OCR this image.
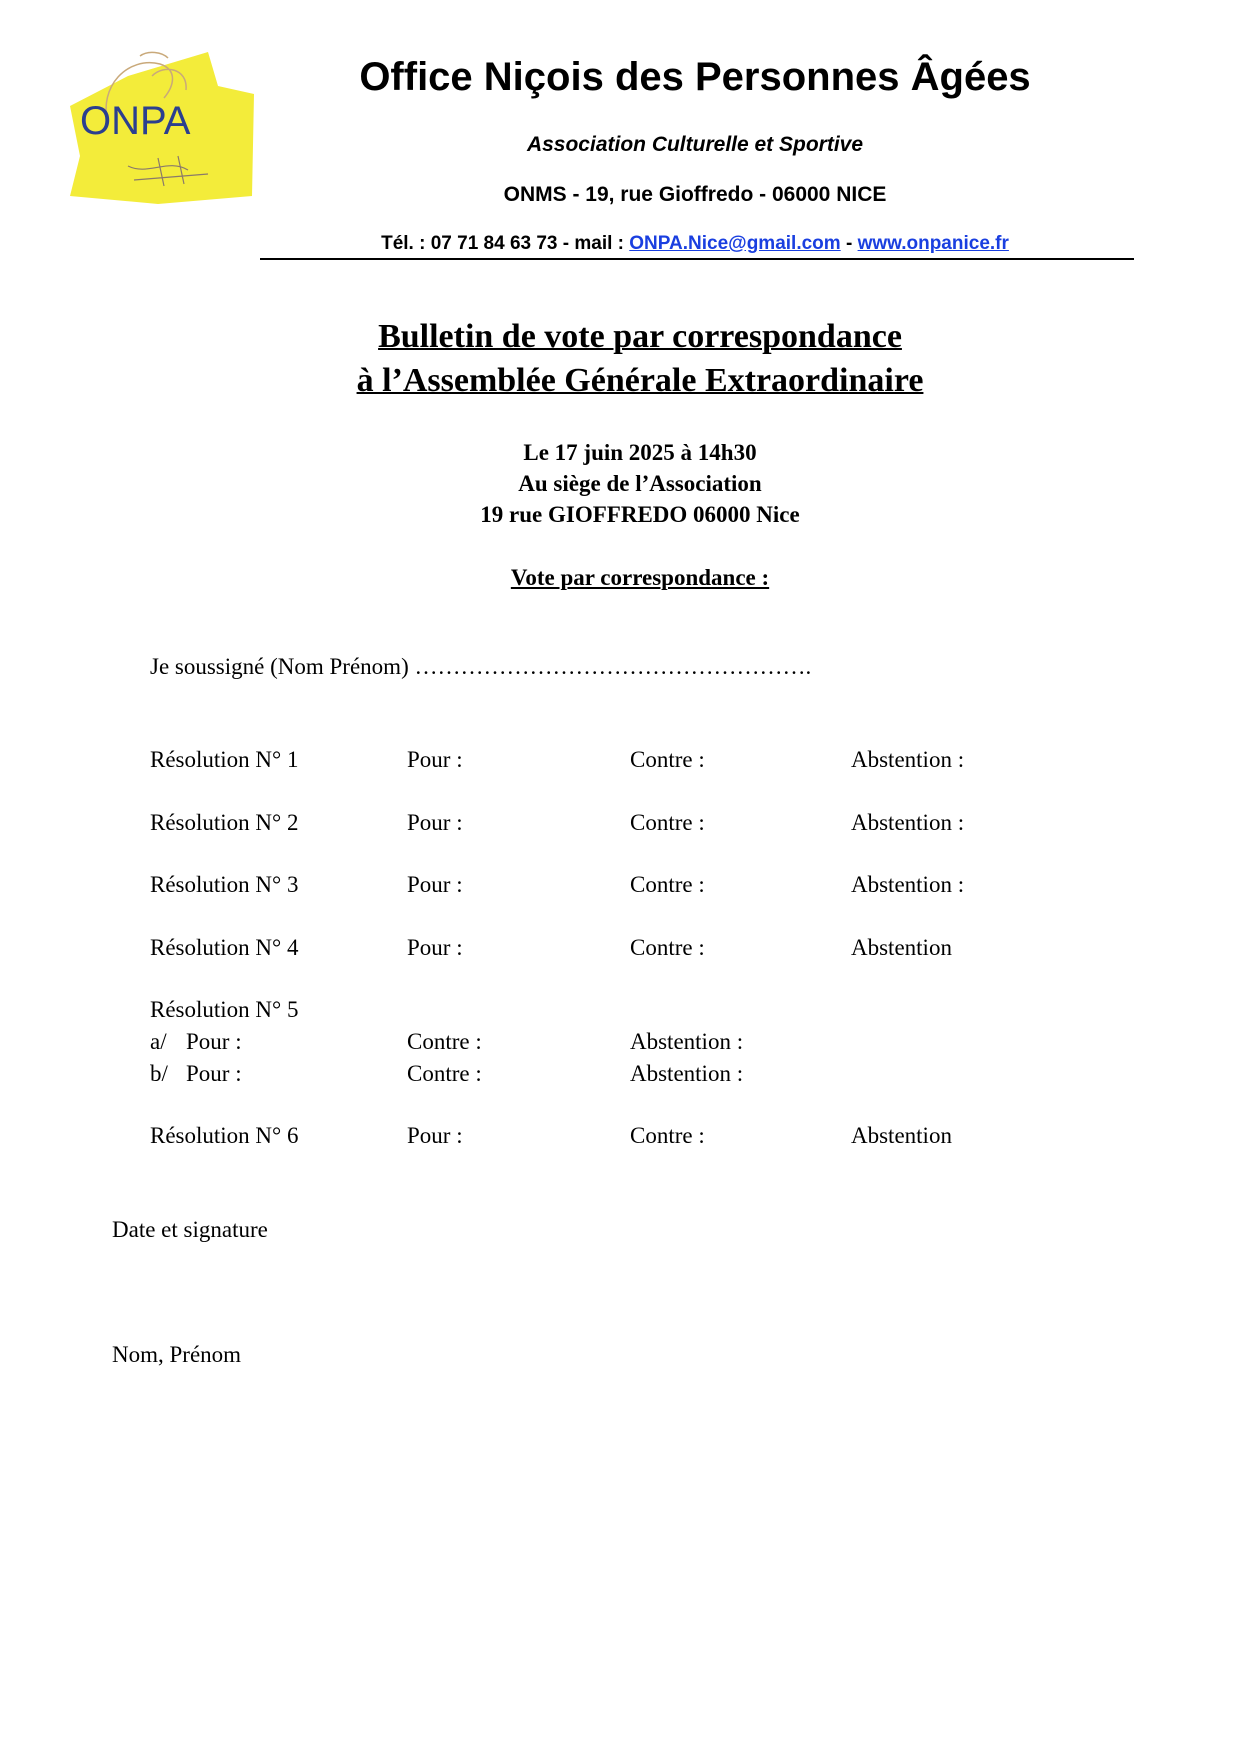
ONPA
Office Niçois des Personnes Âgées
Association Culturelle et Sportive
ONMS - 19, rue Gioffredo - 06000 NICE
Tél. : 07 71 84 63 73 - mail : ONPA.Nice@gmail.com - www.onpanice.fr
Bulletin de vote par correspondance
à l’Assemblée Générale Extraordinaire
Le 17 juin 2025 à 14h30
Au siège de l’Association
19 rue GIOFFREDO 06000 Nice
Vote par correspondance :
Je soussigné (Nom Prénom) …………………………………………….
Résolution N° 1	Pour :	Contre :	Abstention :
Résolution N° 2	Pour :	Contre :	Abstention :
Résolution N° 3	Pour :	Contre :	Abstention :
Résolution N° 4	Pour :	Contre :	Abstention
Résolution N° 5
a/ Pour :	Contre :	Abstention :
b/ Pour :	Contre :	Abstention :
Résolution N° 6	Pour :	Contre :	Abstention
Date et signature
Nom, Prénom
